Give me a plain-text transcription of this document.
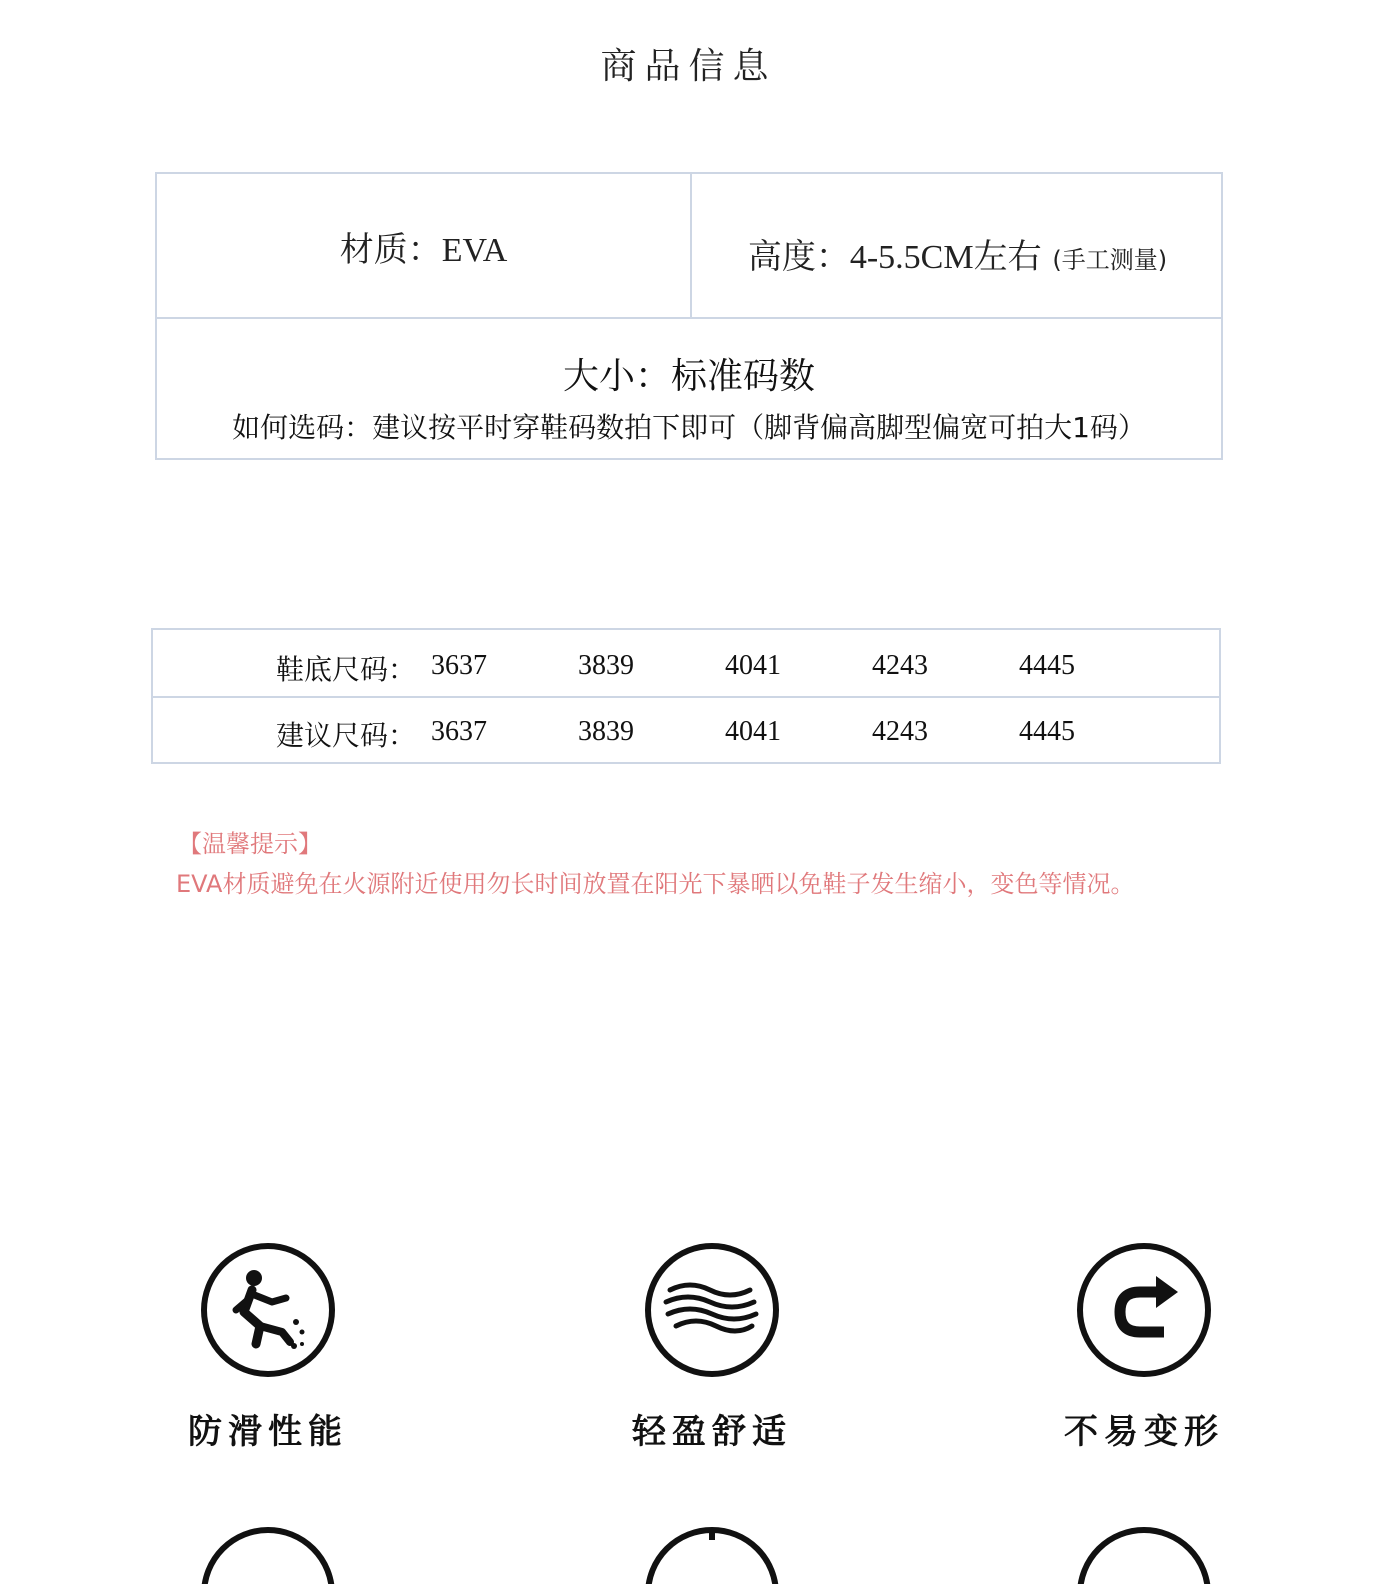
商品信息
材质：EVA	高度：4-5.5CM左右 (手工测量)
大小：标准码数
如何选码：建议按平时穿鞋码数拍下即可（脚背偏高脚型偏宽可拍大1码）
鞋底尺码： 3637	3839	4041	4243	4445
建议尺码： 3637	3839	4041	4243	4445
【温馨提示】
EVA材质避免在火源附近使用勿长时间放置在阳光下暴晒以免鞋子发生缩小，变色等情况。
防滑性能	轻盈舒适	不易变形
